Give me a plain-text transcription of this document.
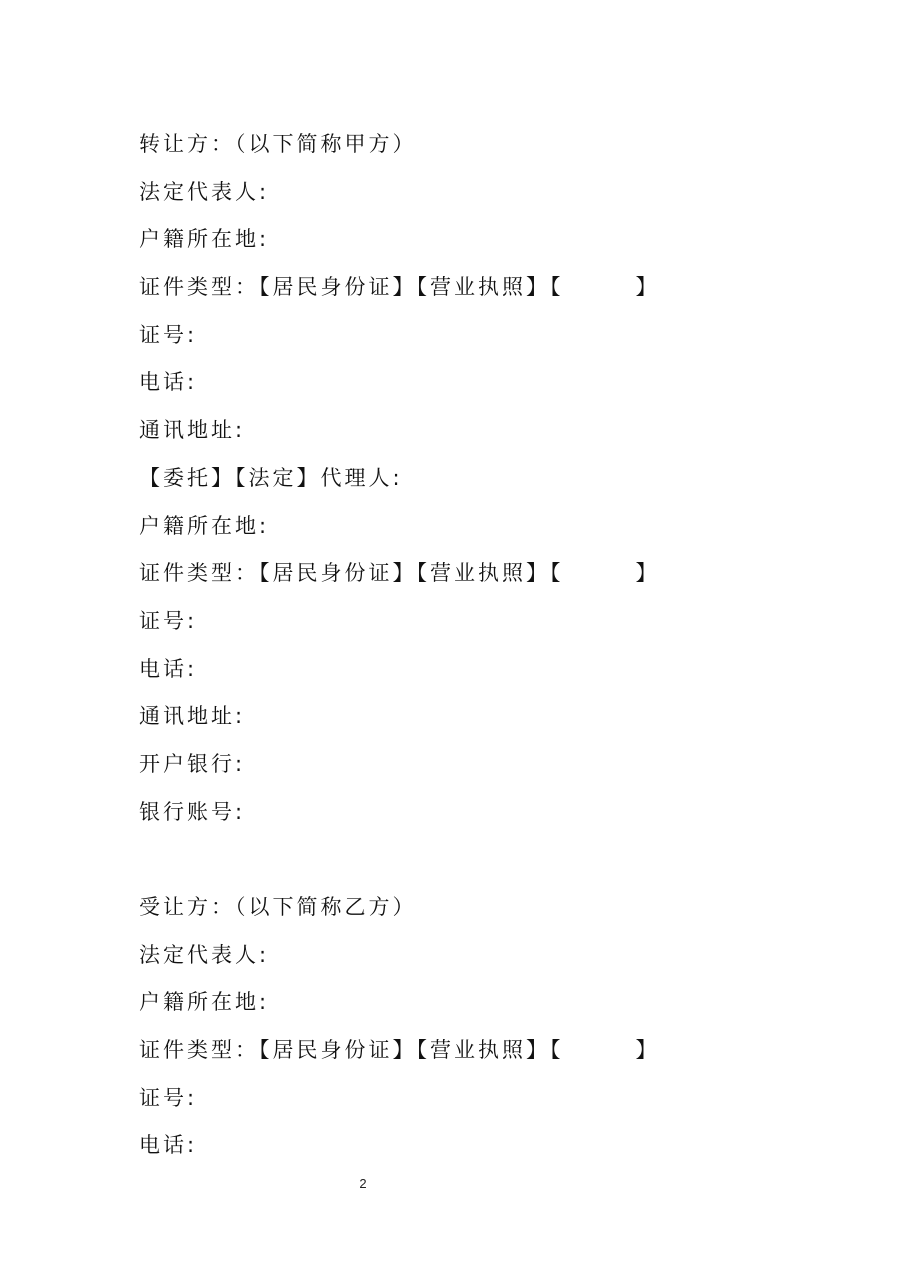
转让方：（以下简称甲方）
法定代表人:
户籍所在地:
证件类型：【居民身份证】【营业执照】【　　　】
证号:
电话:
通讯地址:
【委托】【法定】代理人:
户籍所在地:
证件类型：【居民身份证】【营业执照】【　　　】
证号:
电话:
通讯地址:
开户银行:
银行账号:
受让方：（以下简称乙方）
法定代表人:
户籍所在地:
证件类型：【居民身份证】【营业执照】【　　　】
证号:
电话:
2
